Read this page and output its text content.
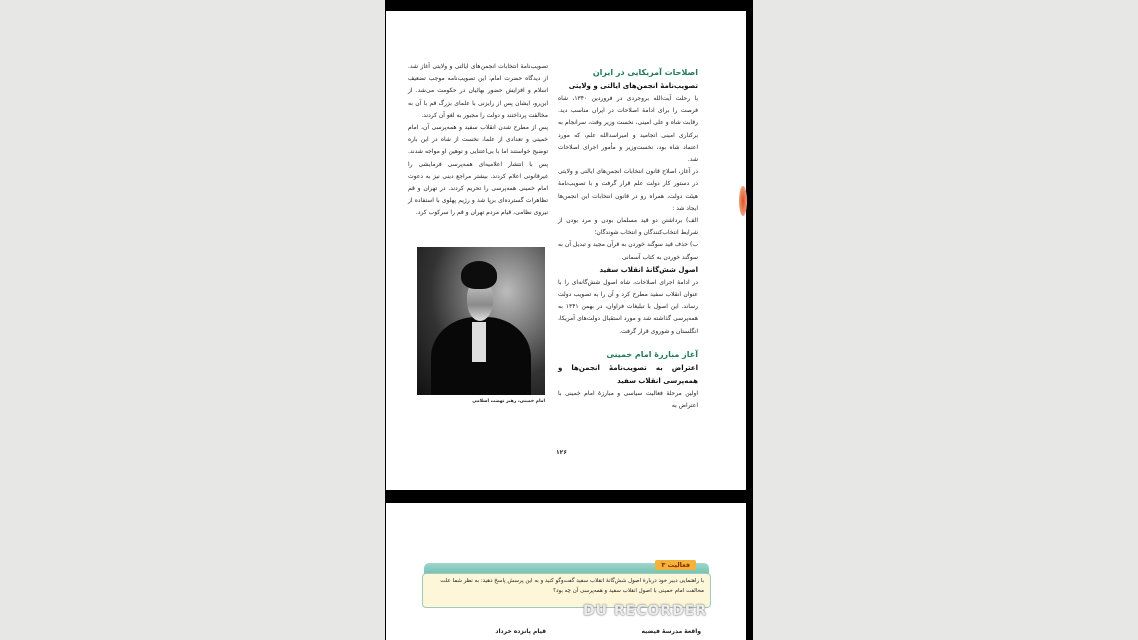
اصلاحات آمریکایی در ایران

تصویب‌نامهٔ انجمن‌های ایالتی و ولایتی

با رحلت آیت‌الله بروجردی در فروردین ۱۳۴۰، شاه فرصت را برای ادامهٔ اصلاحات در ایران مناسب دید. رقابت شاه و علی امینی، نخست وزیر وقت، سرانجام به برکناری امینی انجامید و امیراسدالله علم، که مورد اعتماد شاه بود، نخست‌وزیر و مأمور اجرای اصلاحات شد.

در آغاز، اصلاح قانون انتخابات انجمن‌های ایالتی و ولایتی در دستور کار دولت علم قرار گرفت و با تصویب‌نامهٔ هیئت دولت، همراه رو در قانون انتخابات این انجمن‌ها ایجاد شد :

الف) برداشتن دو قید مسلمان بودن و مرد بودن از شرایط انتخاب‌کنندگان و انتخاب شوندگان؛

ب) حذف قید سوگند خوردن به قرآن مجید و تبدیل آن به سوگند خوردن به کتاب آسمانی

اصول شش‌گانهٔ انقلاب سفید

در ادامهٔ اجرای اصلاحات، شاه اصول شش‌گانه‌ای را با عنوان انقلاب سفید مطرح کرد و آن را به تصویب دولت رساند. این اصول با تبلیغات فراوان، در بهمن ۱۳۴۱ به همه‌پرسی گذاشته شد و مورد استقبال دولت‌های آمریکا، انگلستان و شوروی قرار گرفت.

آغاز مبارزهٔ امام خمینی

اعتراض به تصویب‌نامهٔ انجمن‌ها و همه‌پرسی انقلاب سفید

اولین مرحلهٔ فعالیت سیاسی و مبارزهٔ امام خمینی با اعتراض به

تصویب‌نامهٔ انتخابات انجمن‌های ایالتی و ولایتی آغاز شد. از دیدگاه حضرت امام، این تصویب‌نامه موجب تضعیف اسلام و افزایش حضور بهائیان در حکومت می‌شد. از این‌رو، ایشان پس از رایزنی با علمای بزرگ قم با آن به مخالفت پرداختند و دولت را مجبور به لغو آن کردند.

پس از مطرح شدن انقلاب سفید و همه‌پرسی آن، امام خمینی و تعدادی از علما، نخست از شاه در این باره توضیح خواستند اما با بی‌اعتنایی و توهین او مواجه شدند. پس با انتشار اعلامیه‌ای همه‌پرسی فرمایشی را غیرقانونی اعلام کردند. بیشتر مراجع دینی نیز به دعوت امام خمینی همه‌پرسی را تحریم کردند. در تهران و قم تظاهرات گسترده‌ای برپا شد و رژیم پهلوی با استفاده از نیروی نظامی، قیام مردم تهران و قم را سرکوب کرد.

امام خمینی، رهبر نهضت اسلامی
۱۲۶
فعالیت ۳
با راهنمایی دبیر خود دربارهٔ اصول شش‌گانهٔ انقلاب سفید گفت‌وگو کنید و به این پرسش پاسخ دهید: به نظر شما علت مخالفت امام خمینی با اصول انقلاب سفید و همه‌پرسی آن چه بود؟
واقعهٔ مدرسهٔ فیضیه
قیام پانزده خرداد
DU RECORDER
